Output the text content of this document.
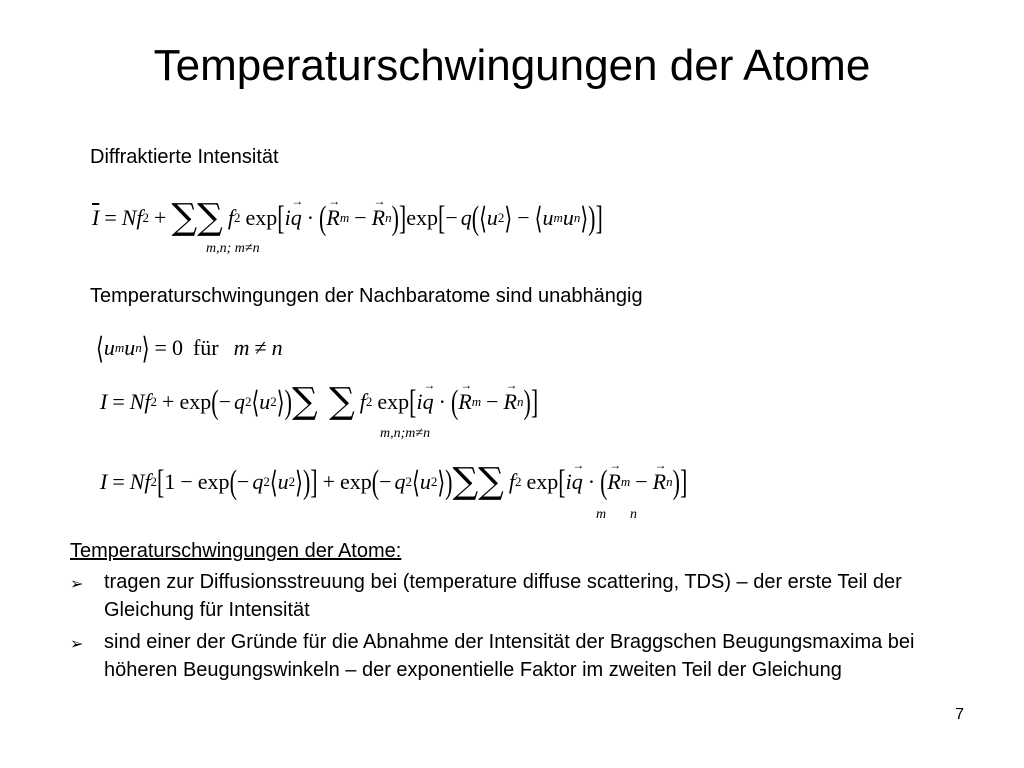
Temperaturschwingungen der Atome
Diffraktierte Intensität
$\overline{I} = Nf$ 2 + ∑∑ f 2 exp [ i → q · ( → R m − → R n ) ] exp [ − q ( ⟨ u 2 ⟩ − ⟨ u m u n ⟩ ) ]
m,n; m≠n
Temperaturschwingungen der Nachbaratome sind unabhängig
⟨ u m u n ⟩ = 0 für m ≠ n
I = Nf 2 + exp ( − q 2 ⟨ u 2 ⟩ ) ∑ ∑ f 2 exp [ i → q · ( → R m − → R n ) ]
m,n;m≠n
I = Nf 2 [ 1 − exp ( − q 2 ⟨ u 2 ⟩ ) ] + exp ( − q 2 ⟨ u 2 ⟩ ) ∑∑ f 2 exp [ i → q · ( → R m − → R n ) ]
m n
Temperaturschwingungen der Atome:
➢	tragen zur Diffusionsstreuung bei (temperature diffuse scattering, TDS) – der erste Teil der Gleichung für Intensität
➢	sind einer der Gründe für die Abnahme der Intensität der Braggschen Beugungsmaxima bei höheren Beugungswinkeln – der exponentielle Faktor im zweiten Teil der Gleichung
7
